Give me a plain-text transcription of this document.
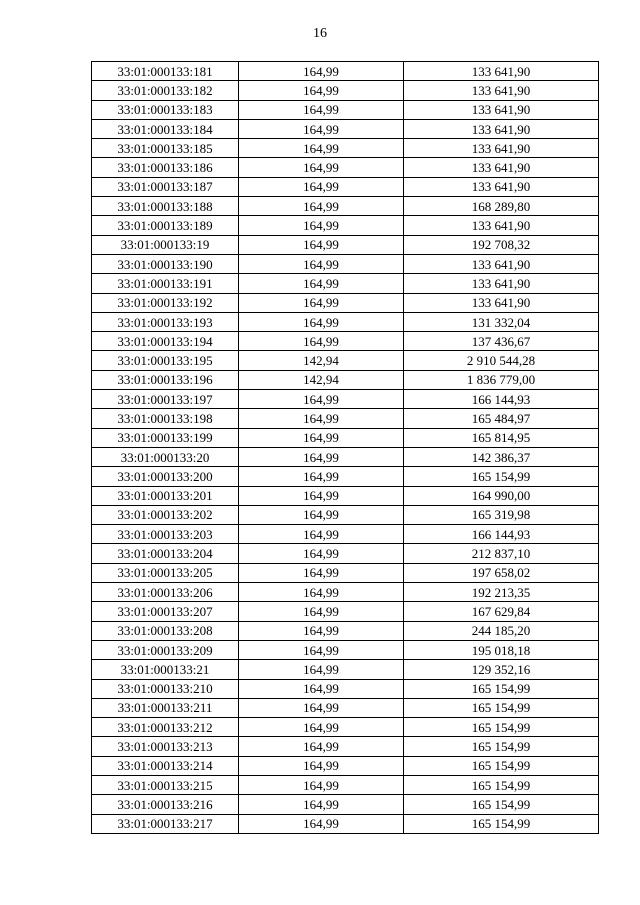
16
33:01:000133:181	164,99	133 641,90
33:01:000133:182	164,99	133 641,90
33:01:000133:183	164,99	133 641,90
33:01:000133:184	164,99	133 641,90
33:01:000133:185	164,99	133 641,90
33:01:000133:186	164,99	133 641,90
33:01:000133:187	164,99	133 641,90
33:01:000133:188	164,99	168 289,80
33:01:000133:189	164,99	133 641,90
33:01:000133:19	164,99	192 708,32
33:01:000133:190	164,99	133 641,90
33:01:000133:191	164,99	133 641,90
33:01:000133:192	164,99	133 641,90
33:01:000133:193	164,99	131 332,04
33:01:000133:194	164,99	137 436,67
33:01:000133:195	142,94	2 910 544,28
33:01:000133:196	142,94	1 836 779,00
33:01:000133:197	164,99	166 144,93
33:01:000133:198	164,99	165 484,97
33:01:000133:199	164,99	165 814,95
33:01:000133:20	164,99	142 386,37
33:01:000133:200	164,99	165 154,99
33:01:000133:201	164,99	164 990,00
33:01:000133:202	164,99	165 319,98
33:01:000133:203	164,99	166 144,93
33:01:000133:204	164,99	212 837,10
33:01:000133:205	164,99	197 658,02
33:01:000133:206	164,99	192 213,35
33:01:000133:207	164,99	167 629,84
33:01:000133:208	164,99	244 185,20
33:01:000133:209	164,99	195 018,18
33:01:000133:21	164,99	129 352,16
33:01:000133:210	164,99	165 154,99
33:01:000133:211	164,99	165 154,99
33:01:000133:212	164,99	165 154,99
33:01:000133:213	164,99	165 154,99
33:01:000133:214	164,99	165 154,99
33:01:000133:215	164,99	165 154,99
33:01:000133:216	164,99	165 154,99
33:01:000133:217	164,99	165 154,99
